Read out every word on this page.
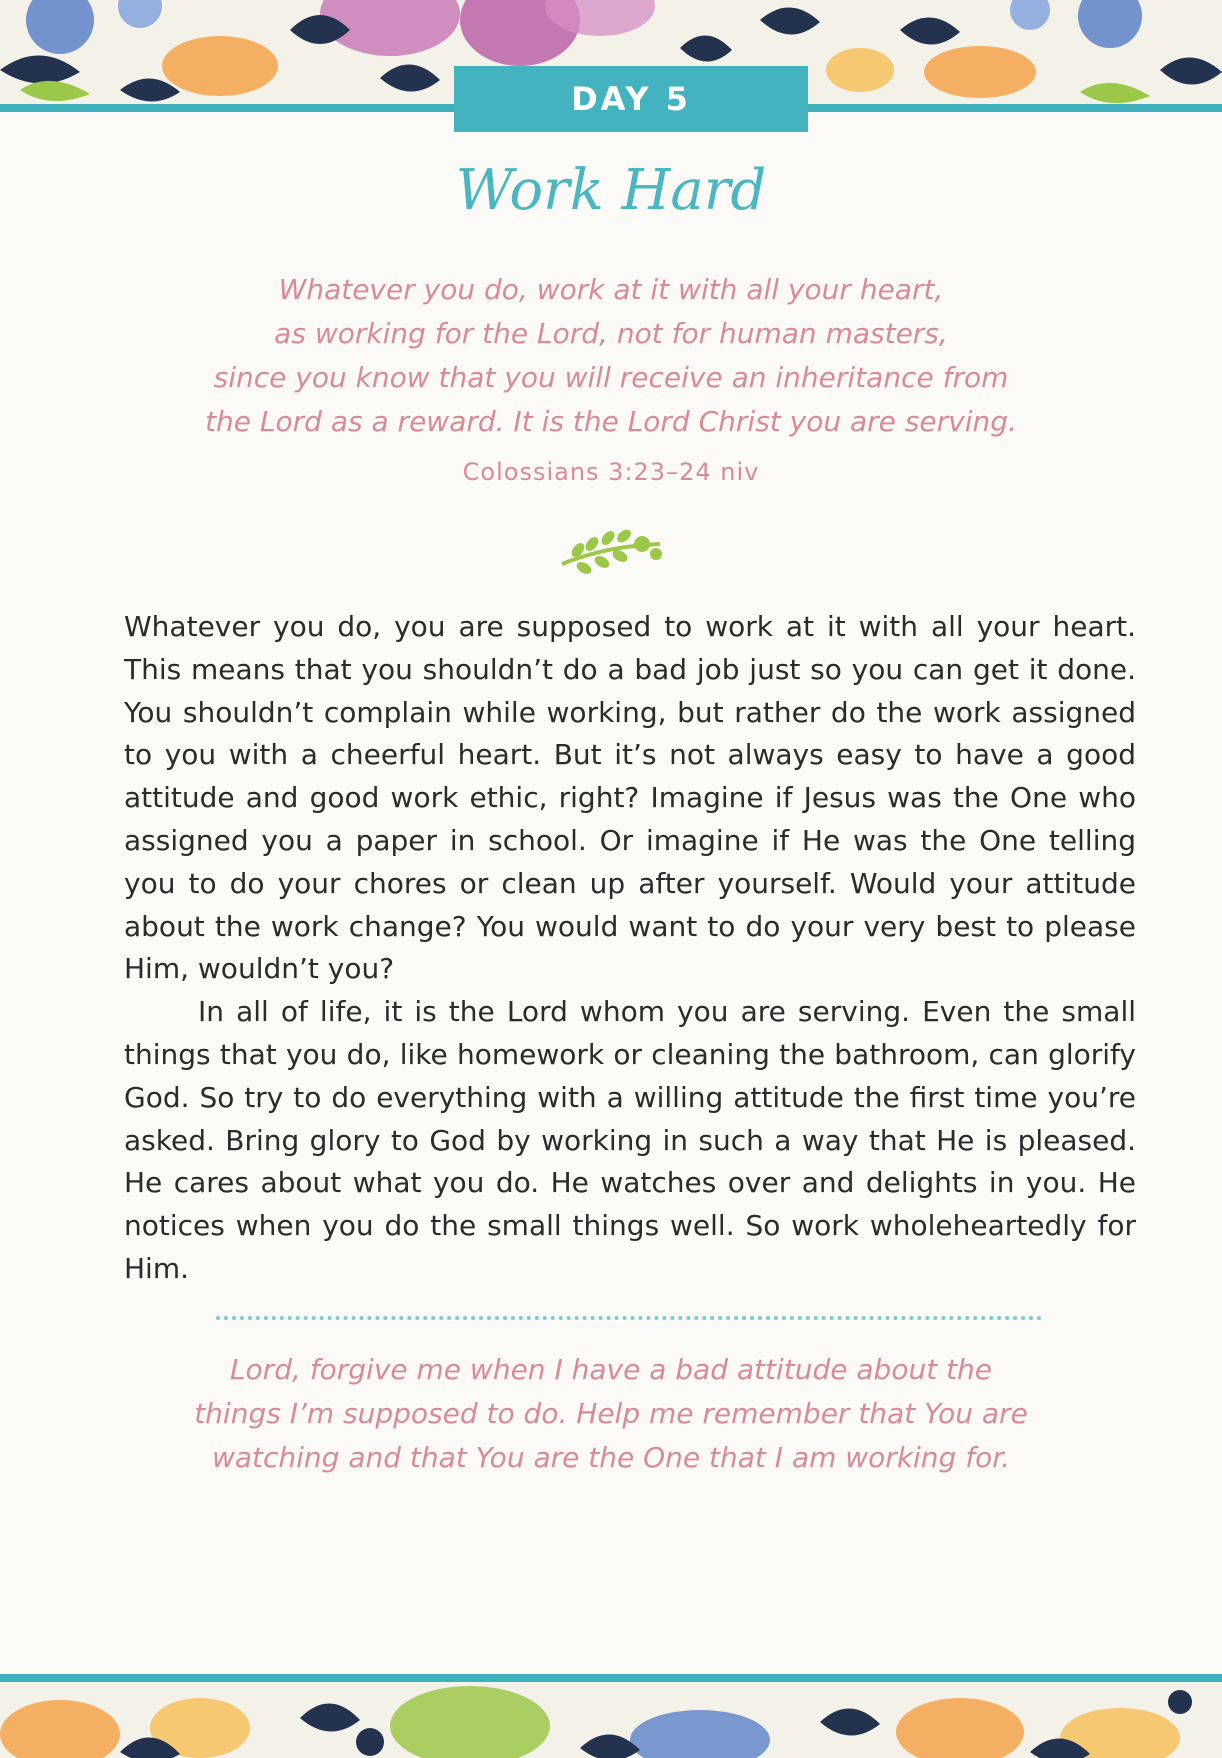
DAY 5
Work Hard
Whatever you do, work at it with all your heart,
as working for the Lord, not for human masters,
since you know that you will receive an inheritance from
the Lord as a reward. It is the Lord Christ you are serving.
Colossians 3:23–24 niv

Whatever you do, you are supposed to work at it with all your heart. This means that you shouldn’t do a bad job just so you can get it done. You shouldn’t complain while working, but rather do the work assigned to you with a cheerful heart. But it’s not always easy to have a good attitude and good work ethic, right? Imagine if Jesus was the One who assigned you a paper in school. Or imagine if He was the One telling you to do your chores or clean up after yourself. Would your attitude about the work change? You would want to do your very best to please Him, wouldn’t you?

In all of life, it is the Lord whom you are serving. Even the small things that you do, like homework or cleaning the bathroom, can glorify God. So try to do everything with a willing attitude the first time you’re asked. Bring glory to God by working in such a way that He is pleased. He cares about what you do. He watches over and delights in you. He notices when you do the small things well. So work wholeheartedly for Him.

Lord, forgive me when I have a bad attitude about the
things I’m supposed to do. Help me remember that You are
watching and that You are the One that I am working for.
